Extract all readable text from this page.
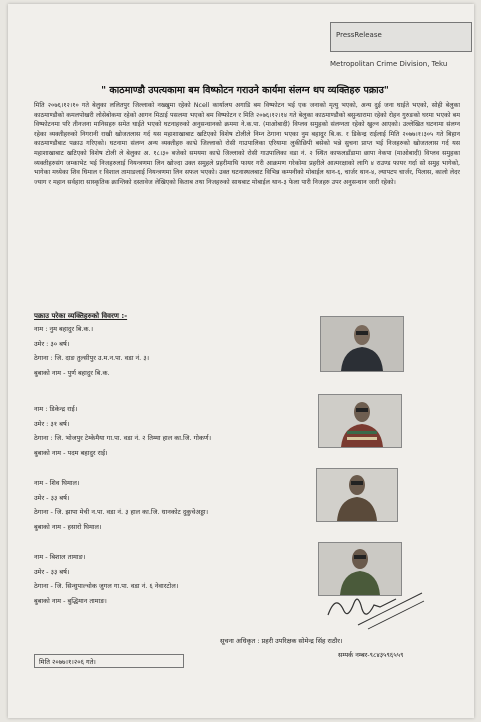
PressRelease
Metropolitan Crime Division, Teku
" काठमाण्डौ उपत्यकामा बम विष्फोटन गराउने कार्यमा संलग्न थप व्यक्तिहरु पक्राउ"
मिति २०७६।१२।१० गते बेलुका ललितपुर जिल्लाको नख्खुमा रहेको Ncell कार्यालय अगाडि बम विष्फोटन भई एक जनाको मृत्यु भएको, अन्य दुई जना घाईते भएको, सोही बेलुका काठमाण्डौको कमलपोखरी लोसेबोकमा रहेको आगन मिठाई पसलमा भएको बम विष्फोटन र मिति २०७६।१२।१४ गते बेलुका काठमाण्डौको बसुन्धारामा रहेको रोहन गुरुङको घरमा भएको बम विष्फोटनमा परि तीनजना मानिसहरु समेत घाईते भएको घटनाहरुको अनुसन्धानको क्रममा ने.क.पा. (माओबादी) विप्लव समुहको संलग्नता रहेको खुल्न आएको। उल्लेखित घटनामा संलग्न रहेका व्यक्तीहरुको निगरानी राखी खोजतलास गर्द यस महाशाखाबाट खटिएको विशेष टोलीले निम्न ठेगाना भएका नुम बहादुर बि.क. र डिकेन्द्र राईलाई मिति २०७७।१।३०५ गते बिहान काठमाण्डौबाट पक्राउ गरिएको। घटनामा संलग्न अन्य व्यक्तीहरु काभ्रे जिल्लाको रोसी गाउपालिका एरियामा लुकीछिपी बसेको भन्ने सुचना प्राप्त भई निजहरुको खोजतलास गर्द यस महाशाखाबाट खटिएको विशेष टोली ले बेलुका अ. १८।३० बजेको समयमा काभ्रे जिल्लाको रोसी गाउपालिका वडा नं. २ स्थित काफलडाँडामा छापा नेकपा (माओबादी) विप्लव समुहका व्यक्तीहरुसंग जम्काभेट भई निजहरुलाई नियन्त्रणमा लिन खोज्दा उक्त समुहले प्रहरीमाथि फायर गरी आक्रमण गरेकोमा प्रहरीले आत्मरक्षाको लागि ४ राउण्ड फायर गर्दा सो समुह भागेको, भागेका मध्येका शिव घिमाल र विशाल तामाङलाई नियन्त्रणमा लिन सफल भएको। उक्त घटनास्थलबाट विभिन्न कम्पनीको मोबाईल थान-६, चार्जर थान-४, ल्यापटप चार्जर, पिलास, कालो लेदर ज्याग र महान सर्वहारा सास्कृतिक क्रान्तिको दस्तावेज लेखिएको किताब तथा निजहरुको साथबाट मोबाईल थान-३ फेला पारी निजहरु उपर अनुसन्धान जारी रहेको।
पक्राउ परेका व्यक्तिहरुको विवरण :-
नाम : नुम बहादुर बि.क.।
उमेर : ३० बर्ष।
ठेगाना : जि. दाङ तुल्सीपुर उ.म.न.पा. वडा नं. ३।
बुबाको नाम - पुर्ण बहादुर बि.क.
नाम : डिकेन्द्र राई।
उमेर : ३१ बर्ष।
ठेगाना : जि. भोजपुर टेम्केमैया गा.पा. वडा नं. २ तिम्मा हाल का.जि. गोकर्ण।
बुबाको नाम - पदम बहादुर राई।
नाम - शिव घिमाल।
उमेर - ३३ बर्ष।
ठेगाना - जि. झापा मेची न.पा. वडा नं. ३ हाल का.जि. धानकोट दुकुचेअड्डा।
बुबाको नाम - हसारो घिमाल।
नाम - बिशाल तामाङ।
उमेर - ३३ बर्ष।
ठेगाना - जि. सिन्धुपाल्चोक जुगल गा.पा. वडा नं. ६ नेवारटोल।
बुबाको नाम - बुद्धिमान तामाङ।
सूचना अधिकृत : प्रहरी उपरिक्षक सोमेन्द्र सिंह राठौर।
सम्पर्क नम्बर-९८४३५९६५५९
मिति २०७७।१।२०६ गते।
